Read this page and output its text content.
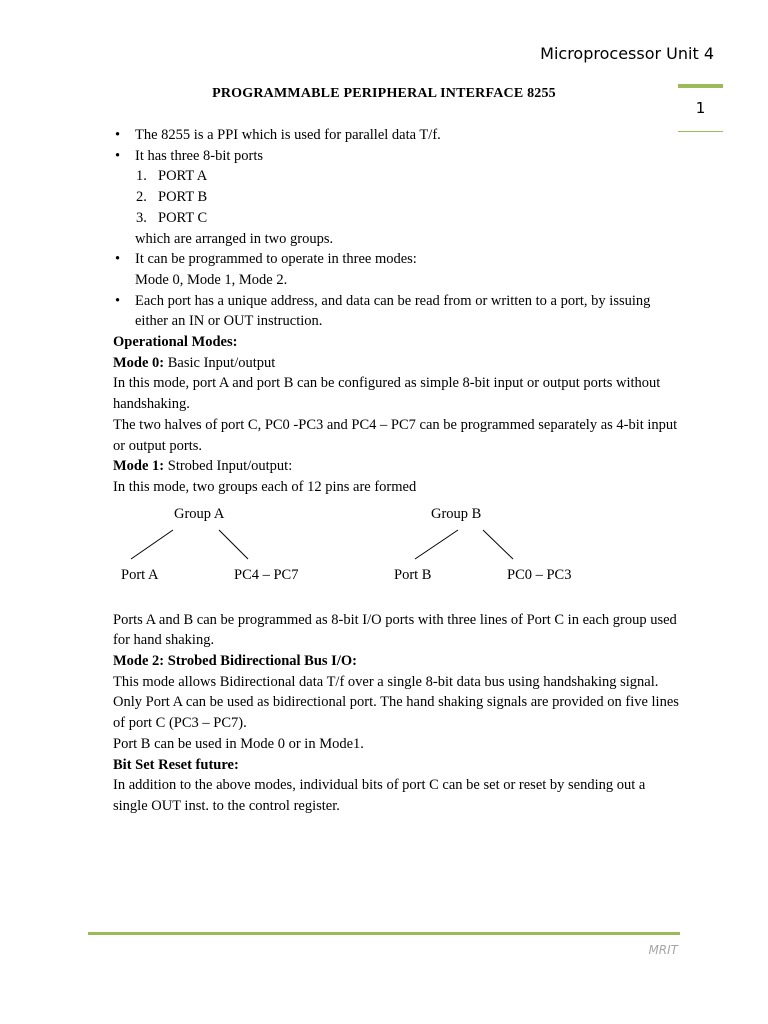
Microprocessor Unit 4
1
PROGRAMMABLE PERIPHERAL INTERFACE 8255
• The 8255 is a PPI which is used for parallel data T/f.
• It has three 8-bit ports
1. PORT A
2. PORT B
3. PORT C
which are arranged in two groups.
• It can be programmed to operate in three modes:
Mode 0, Mode 1, Mode 2.
• Each port has a unique address, and data can be read from or written to a port, by issuing either an IN or OUT instruction.
Operational Modes:
Mode 0: Basic Input/output
In this mode, port A and port B can be configured as simple 8-bit input or output ports without handshaking.
The two halves of port C, PC0 -PC3 and PC4 – PC7 can be programmed separately as 4-bit input or output ports.
Mode 1: Strobed Input/output:
In this mode, two groups each of 12 pins are formed
Group A	Group B
Port A	PC4 – PC7	Port B	PC0 – PC3
Ports A and B can be programmed as 8-bit I/O ports with three lines of Port C in each group used for hand shaking.
Mode 2: Strobed Bidirectional Bus I/O:
This mode allows Bidirectional data T/f over a single 8-bit data bus using handshaking signal.
Only Port A can be used as bidirectional port. The hand shaking signals are provided on five lines of port C (PC3 – PC7).
Port B can be used in Mode 0 or in Mode1.
Bit Set Reset future:
In addition to the above modes, individual bits of port C can be set or reset by sending out a single OUT inst. to the control register.
MRIT
